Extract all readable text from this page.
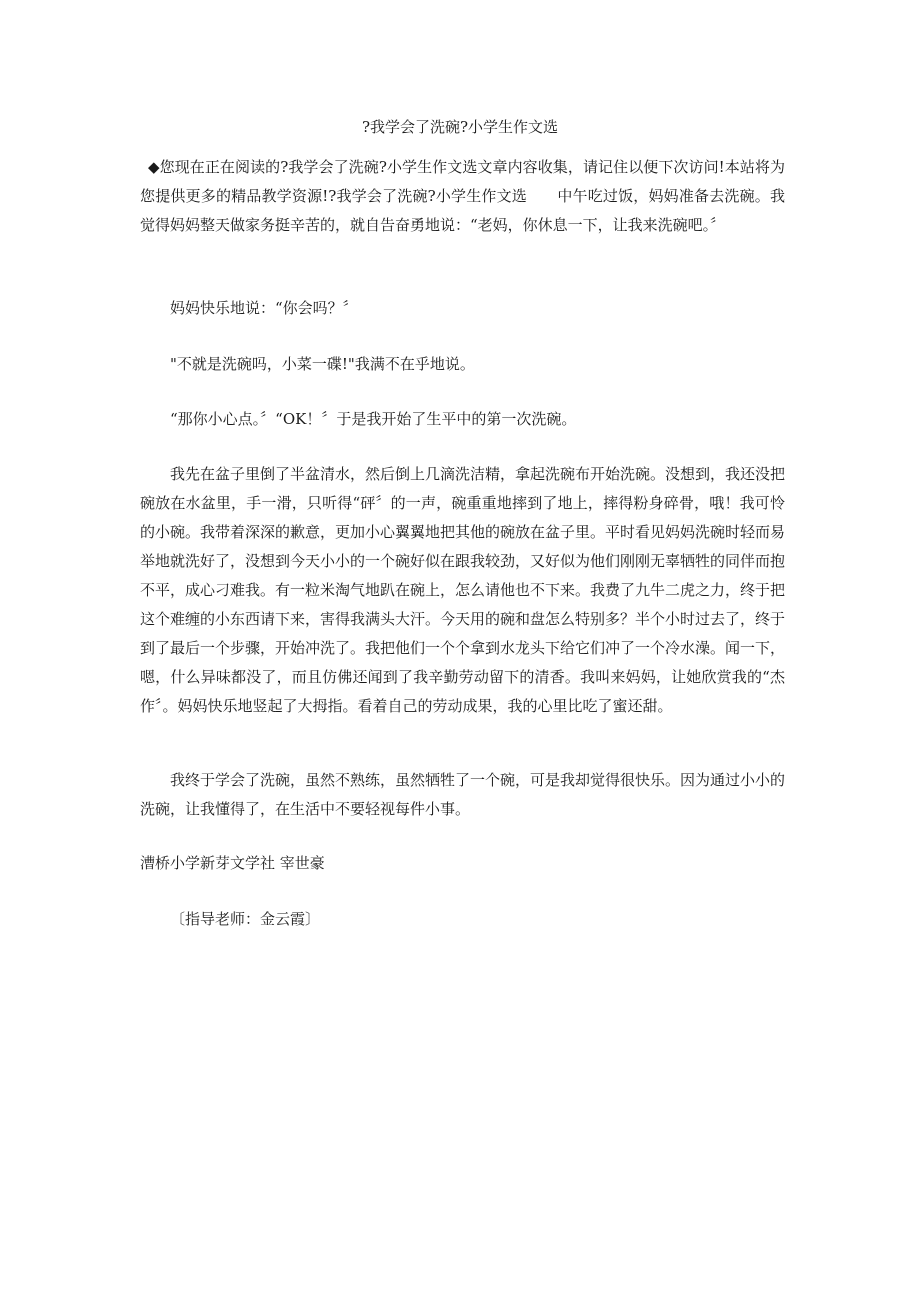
?我学会了洗碗?小学生作文选

◆您现在正在阅读的?我学会了洗碗?小学生作文选文章内容收集，请记住以便下次访问!本站将为您提供更多的精品教学资源!?我学会了洗碗?小学生作文选　　中午吃过饭，妈妈准备去洗碗。我觉得妈妈整天做家务挺辛苦的，就自告奋勇地说：“老妈，你休息一下，让我来洗碗吧。〞

妈妈快乐地说：“你会吗？〞

"不就是洗碗吗，小菜一碟!"我满不在乎地说。

“那你小心点。〞“OK！〞于是我开始了生平中的第一次洗碗。

我先在盆子里倒了半盆清水，然后倒上几滴洗洁精，拿起洗碗布开始洗碗。没想到，我还没把碗放在水盆里，手一滑，只听得“砰〞的一声，碗重重地摔到了地上，摔得粉身碎骨，哦！我可怜的小碗。我带着深深的歉意，更加小心翼翼地把其他的碗放在盆子里。平时看见妈妈洗碗时轻而易举地就洗好了，没想到今天小小的一个碗好似在跟我较劲，又好似为他们刚刚无辜牺牲的同伴而抱不平，成心刁难我。有一粒米淘气地趴在碗上，怎么请他也不下来。我费了九牛二虎之力，终于把这个难缠的小东西请下来，害得我满头大汗。今天用的碗和盘怎么特别多？半个小时过去了，终于到了最后一个步骤，开始冲洗了。我把他们一个个拿到水龙头下给它们冲了一个冷水澡。闻一下，嗯，什么异味都没了，而且仿佛还闻到了我辛勤劳动留下的清香。我叫来妈妈，让她欣赏我的“杰作〞。妈妈快乐地竖起了大拇指。看着自己的劳动成果，我的心里比吃了蜜还甜。

我终于学会了洗碗，虽然不熟练，虽然牺牲了一个碗，可是我却觉得很快乐。因为通过小小的洗碗，让我懂得了，在生活中不要轻视每件小事。

漕桥小学新芽文学社 宰世豪

〔指导老师：金云霞〕
